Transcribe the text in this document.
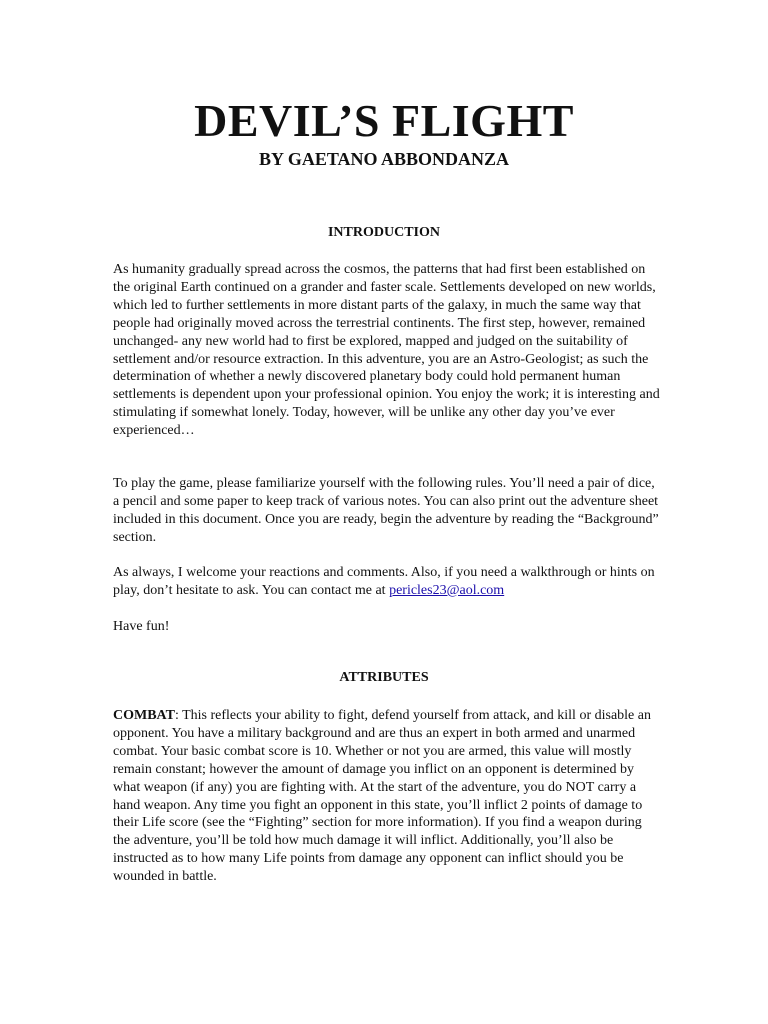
DEVIL’S FLIGHT
BY GAETANO ABBONDANZA
INTRODUCTION

As humanity gradually spread across the cosmos, the patterns that had first been established on the original Earth continued on a grander and faster scale. Settlements developed on new worlds, which led to further settlements in more distant parts of the galaxy, in much the same way that people had originally moved across the terrestrial continents. The first step, however, remained unchanged- any new world had to first be explored, mapped and judged on the suitability of settlement and/or resource extraction. In this adventure, you are an Astro-Geologist; as such the determination of whether a newly discovered planetary body could hold permanent human settlements is dependent upon your professional opinion. You enjoy the work; it is interesting and stimulating if somewhat lonely. Today, however, will be unlike any other day you’ve ever experienced…

To play the game, please familiarize yourself with the following rules. You’ll need a pair of dice, a pencil and some paper to keep track of various notes. You can also print out the adventure sheet included in this document. Once you are ready, begin the adventure by reading the “Background” section.

As always, I welcome your reactions and comments. Also, if you need a walkthrough or hints on play, don’t hesitate to ask. You can contact me at pericles23@aol.com

Have fun!

ATTRIBUTES

COMBAT: This reflects your ability to fight, defend yourself from attack, and kill or disable an opponent. You have a military background and are thus an expert in both armed and unarmed combat. Your basic combat score is 10. Whether or not you are armed, this value will mostly remain constant; however the amount of damage you inflict on an opponent is determined by what weapon (if any) you are fighting with. At the start of the adventure, you do NOT carry a hand weapon. Any time you fight an opponent in this state, you’ll inflict 2 points of damage to their Life score (see the “Fighting” section for more information). If you find a weapon during the adventure, you’ll be told how much damage it will inflict. Additionally, you’ll also be instructed as to how many Life points from damage any opponent can inflict should you be wounded in battle.
